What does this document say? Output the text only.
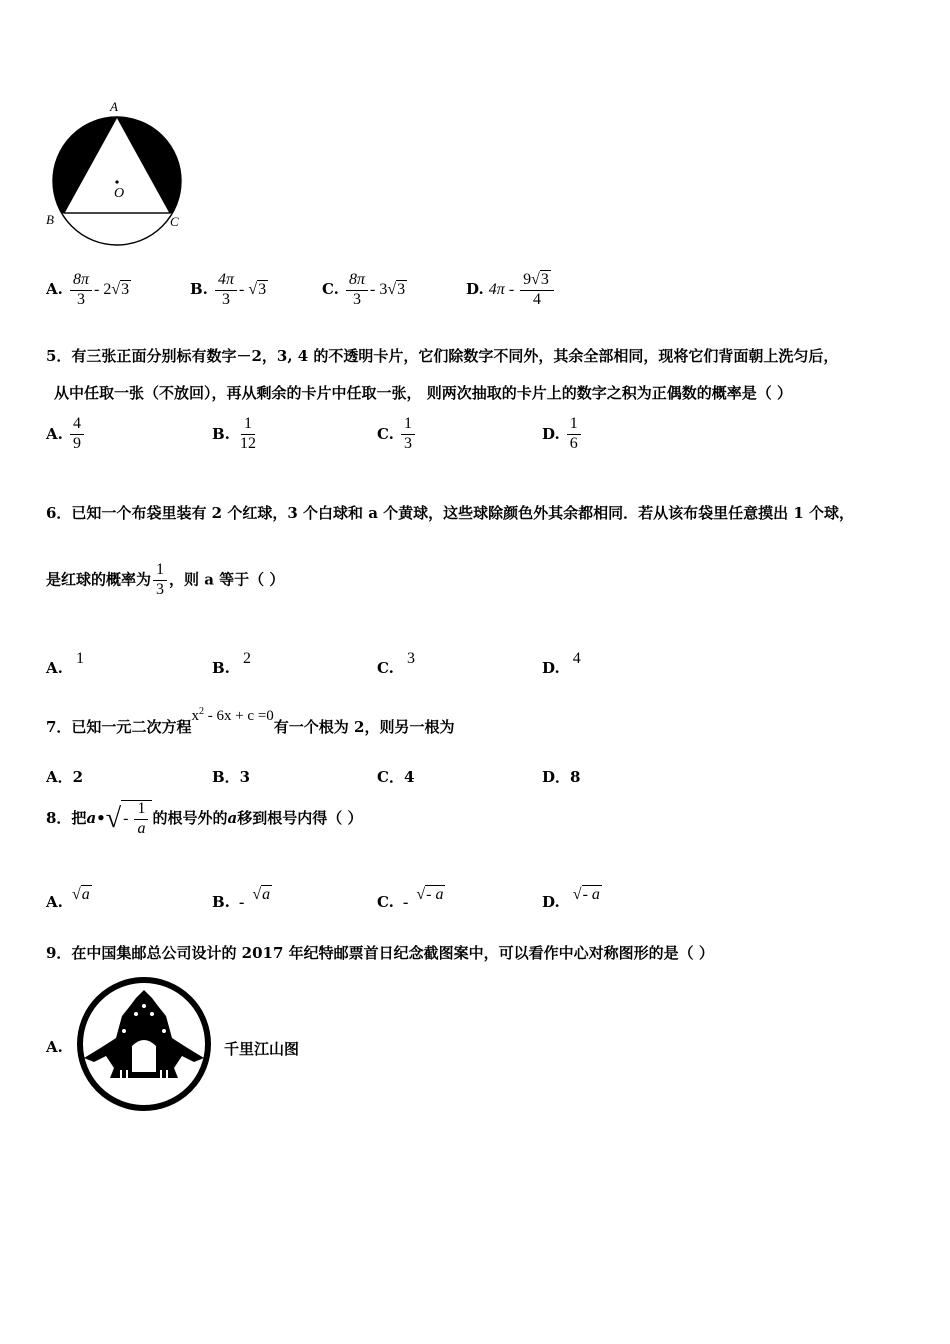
A
O
B	C
A. $\frac{8\pi}{3} - 2√3$	B. $\frac{4\pi}{3} - √3$	C. $\frac{8\pi}{3} - 3√3$	D. $4\pi - \frac{9√3}{4}$
5．有三张正面分别标有数字－2，3, 4 的不透明卡片，它们除数字不同外，其余全部相同，现将它们背面朝上洗匀后，
从中任取一张（不放回），再从剩余的卡片中任取一张， 则两次抽取的卡片上的数字之积为正偶数的概率是（ ）
A. $\frac{4}{9}$	B. $\frac{1}{12}$	C. $\frac{1}{3}$	D. $\frac{1}{6}$
6．已知一个布袋里装有 2 个红球，3 个白球和 a 个黄球，这些球除颜色外其余都相同．若从该布袋里任意摸出 1 个球，
是红球的概率为 $\frac{1}{3}$ ，则 a 等于（ ）
A. 1
B. 2
C. 3
D. 4
7．已知一元二次方程$x^2 - 6x + c =0$有一个根为 2，则另一根为
A．2	B．3	C．4	D．8
8．把a•√ - $\frac{1}{a}$ 的根号外的a移到根号内得（ ）
A. √a	B. - √a	C. - √- a	D. √- a
9．在中国集邮总公司设计的 2017 年纪特邮票首日纪念截图案中，可以看作中心对称图形的是（ ）
A.	千里江山图
